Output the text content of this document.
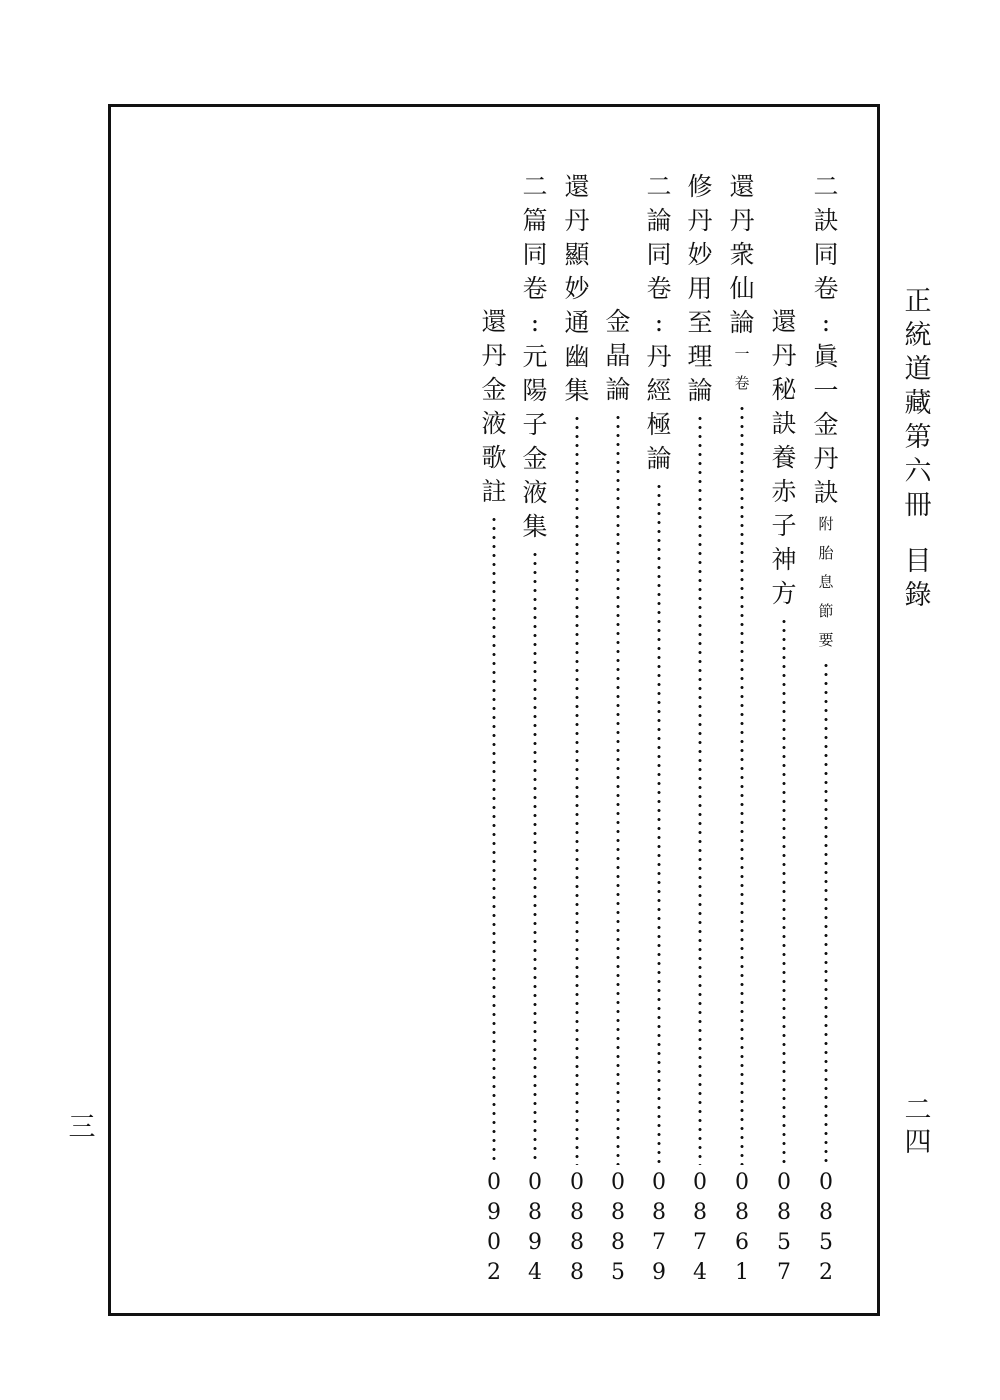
正
統
道
藏
第
六
冊
目
錄
二
四
三
二
訣
同
卷
:
眞
一
金
丹
訣
附
胎
息
節
要
0
8
5
2
還
丹
秘
訣
養
赤
子
神
方
0
8
5
7
還
丹
衆
仙
論
一
卷
0
8
6
1
修
丹
妙
用
至
理
論
0
8
7
4
二
論
同
卷
:
丹
經
極
論
0
8
7
9
金
晶
論
0
8
8
5
還
丹
顯
妙
通
幽
集
0
8
8
8
二
篇
同
卷
:
元
陽
子
金
液
集
0
8
9
4
還
丹
金
液
歌
註
0
9
0
2
